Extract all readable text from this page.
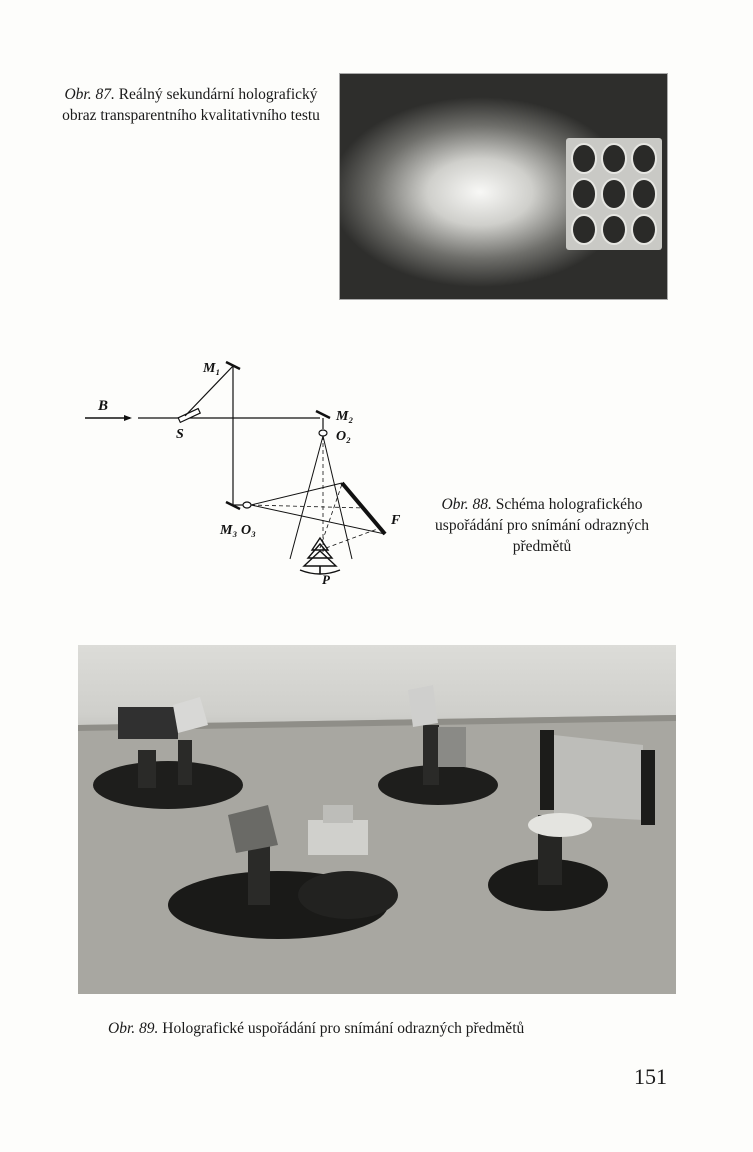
Obr. 87. Reálný sekundární holografický obraz transparentního kvalitativního testu
B
S
M₁
M₂
O₂
M₃ O₃
F
P
Obr. 88. Schéma holografického uspořádání pro snímání odrazných předmětů
Obr. 89. Holografické uspořádání pro snímání odrazných předmětů
151
